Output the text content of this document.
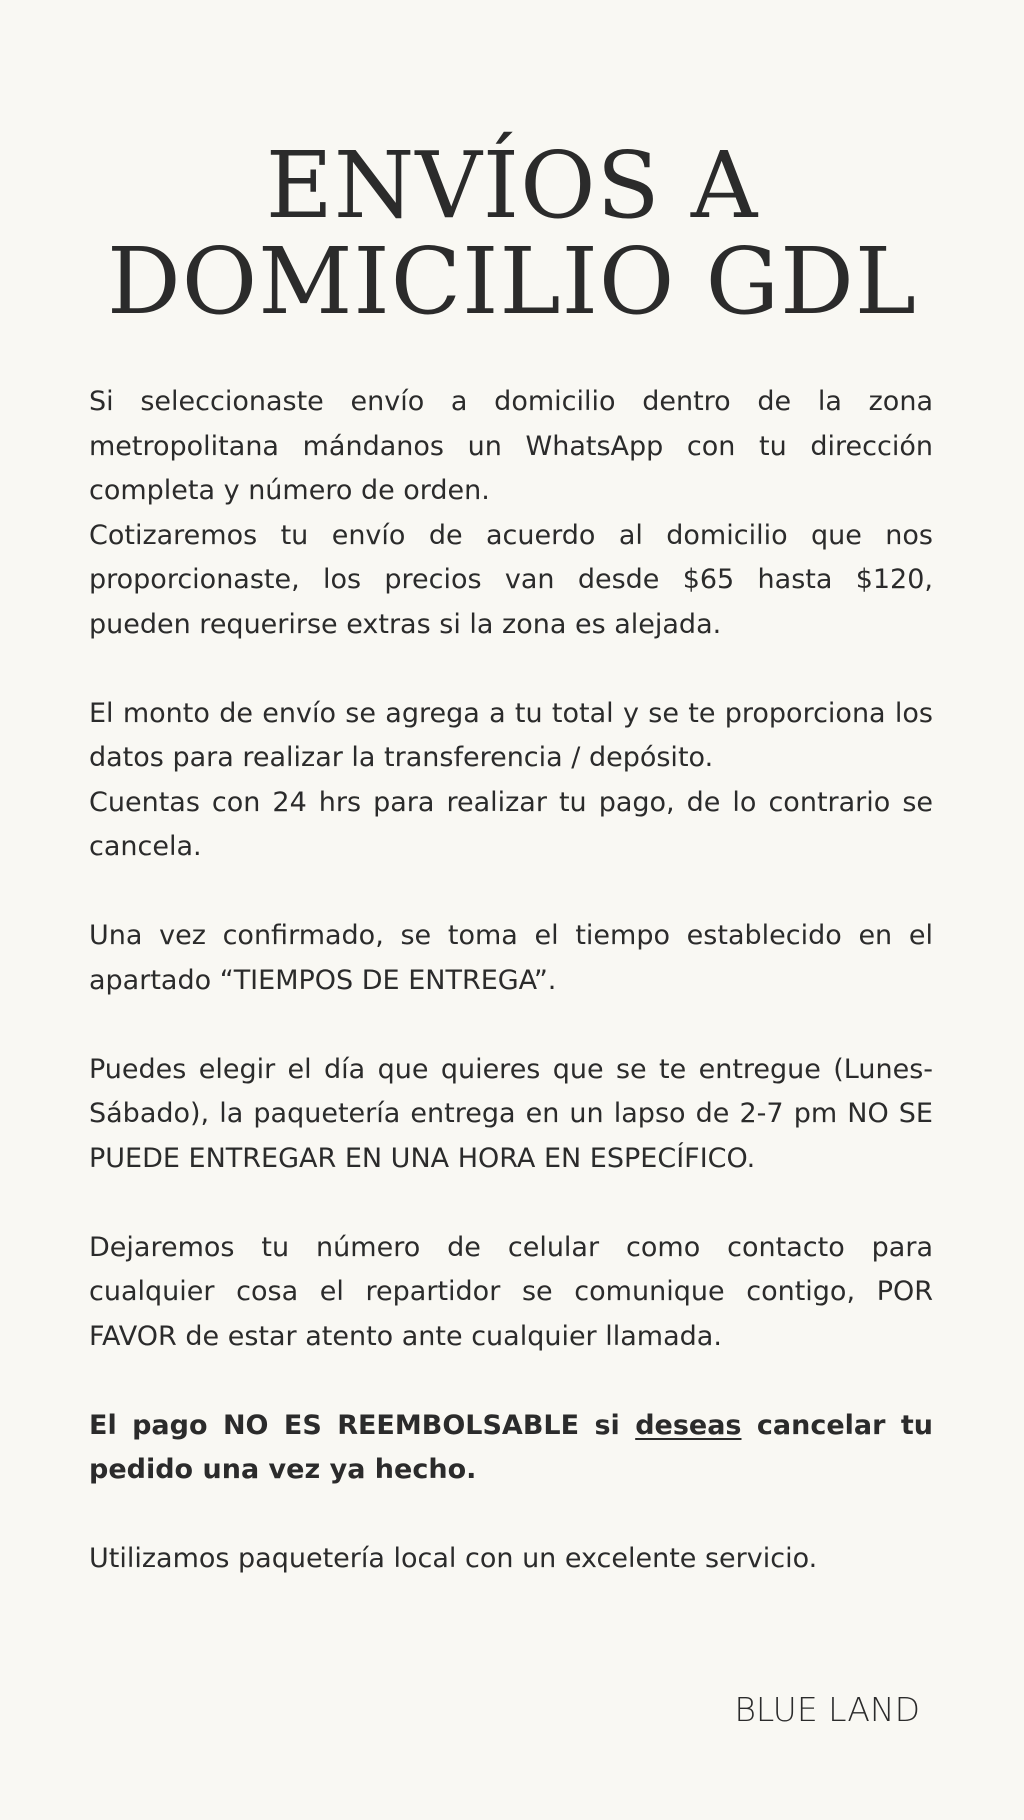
ENVÍOS A
DOMICILIO GDL

Si seleccionaste envío a domicilio dentro de la zona metropolitana mándanos un WhatsApp con tu dirección completa y número de orden.

Cotizaremos tu envío de acuerdo al domicilio que nos proporcionaste, los precios van desde $65 hasta $120, pueden requerirse extras si la zona es alejada.

El monto de envío se agrega a tu total y se te proporciona los datos para realizar la transferencia / depósito.

Cuentas con 24 hrs para realizar tu pago, de lo contrario se cancela.

Una vez confirmado, se toma el tiempo establecido en el apartado “TIEMPOS DE ENTREGA”.

Puedes elegir el día que quieres que se te entregue (Lunes-Sábado), la paquetería entrega en un lapso de 2-7 pm NO SE PUEDE ENTREGAR EN UNA HORA EN ESPECÍFICO.

Dejaremos tu número de celular como contacto para cualquier cosa el repartidor se comunique contigo, POR FAVOR de estar atento ante cualquier llamada.

El pago NO ES REEMBOLSABLE si deseas cancelar tu pedido una vez ya hecho.

Utilizamos paquetería local con un excelente servicio.

BLUE LAND
